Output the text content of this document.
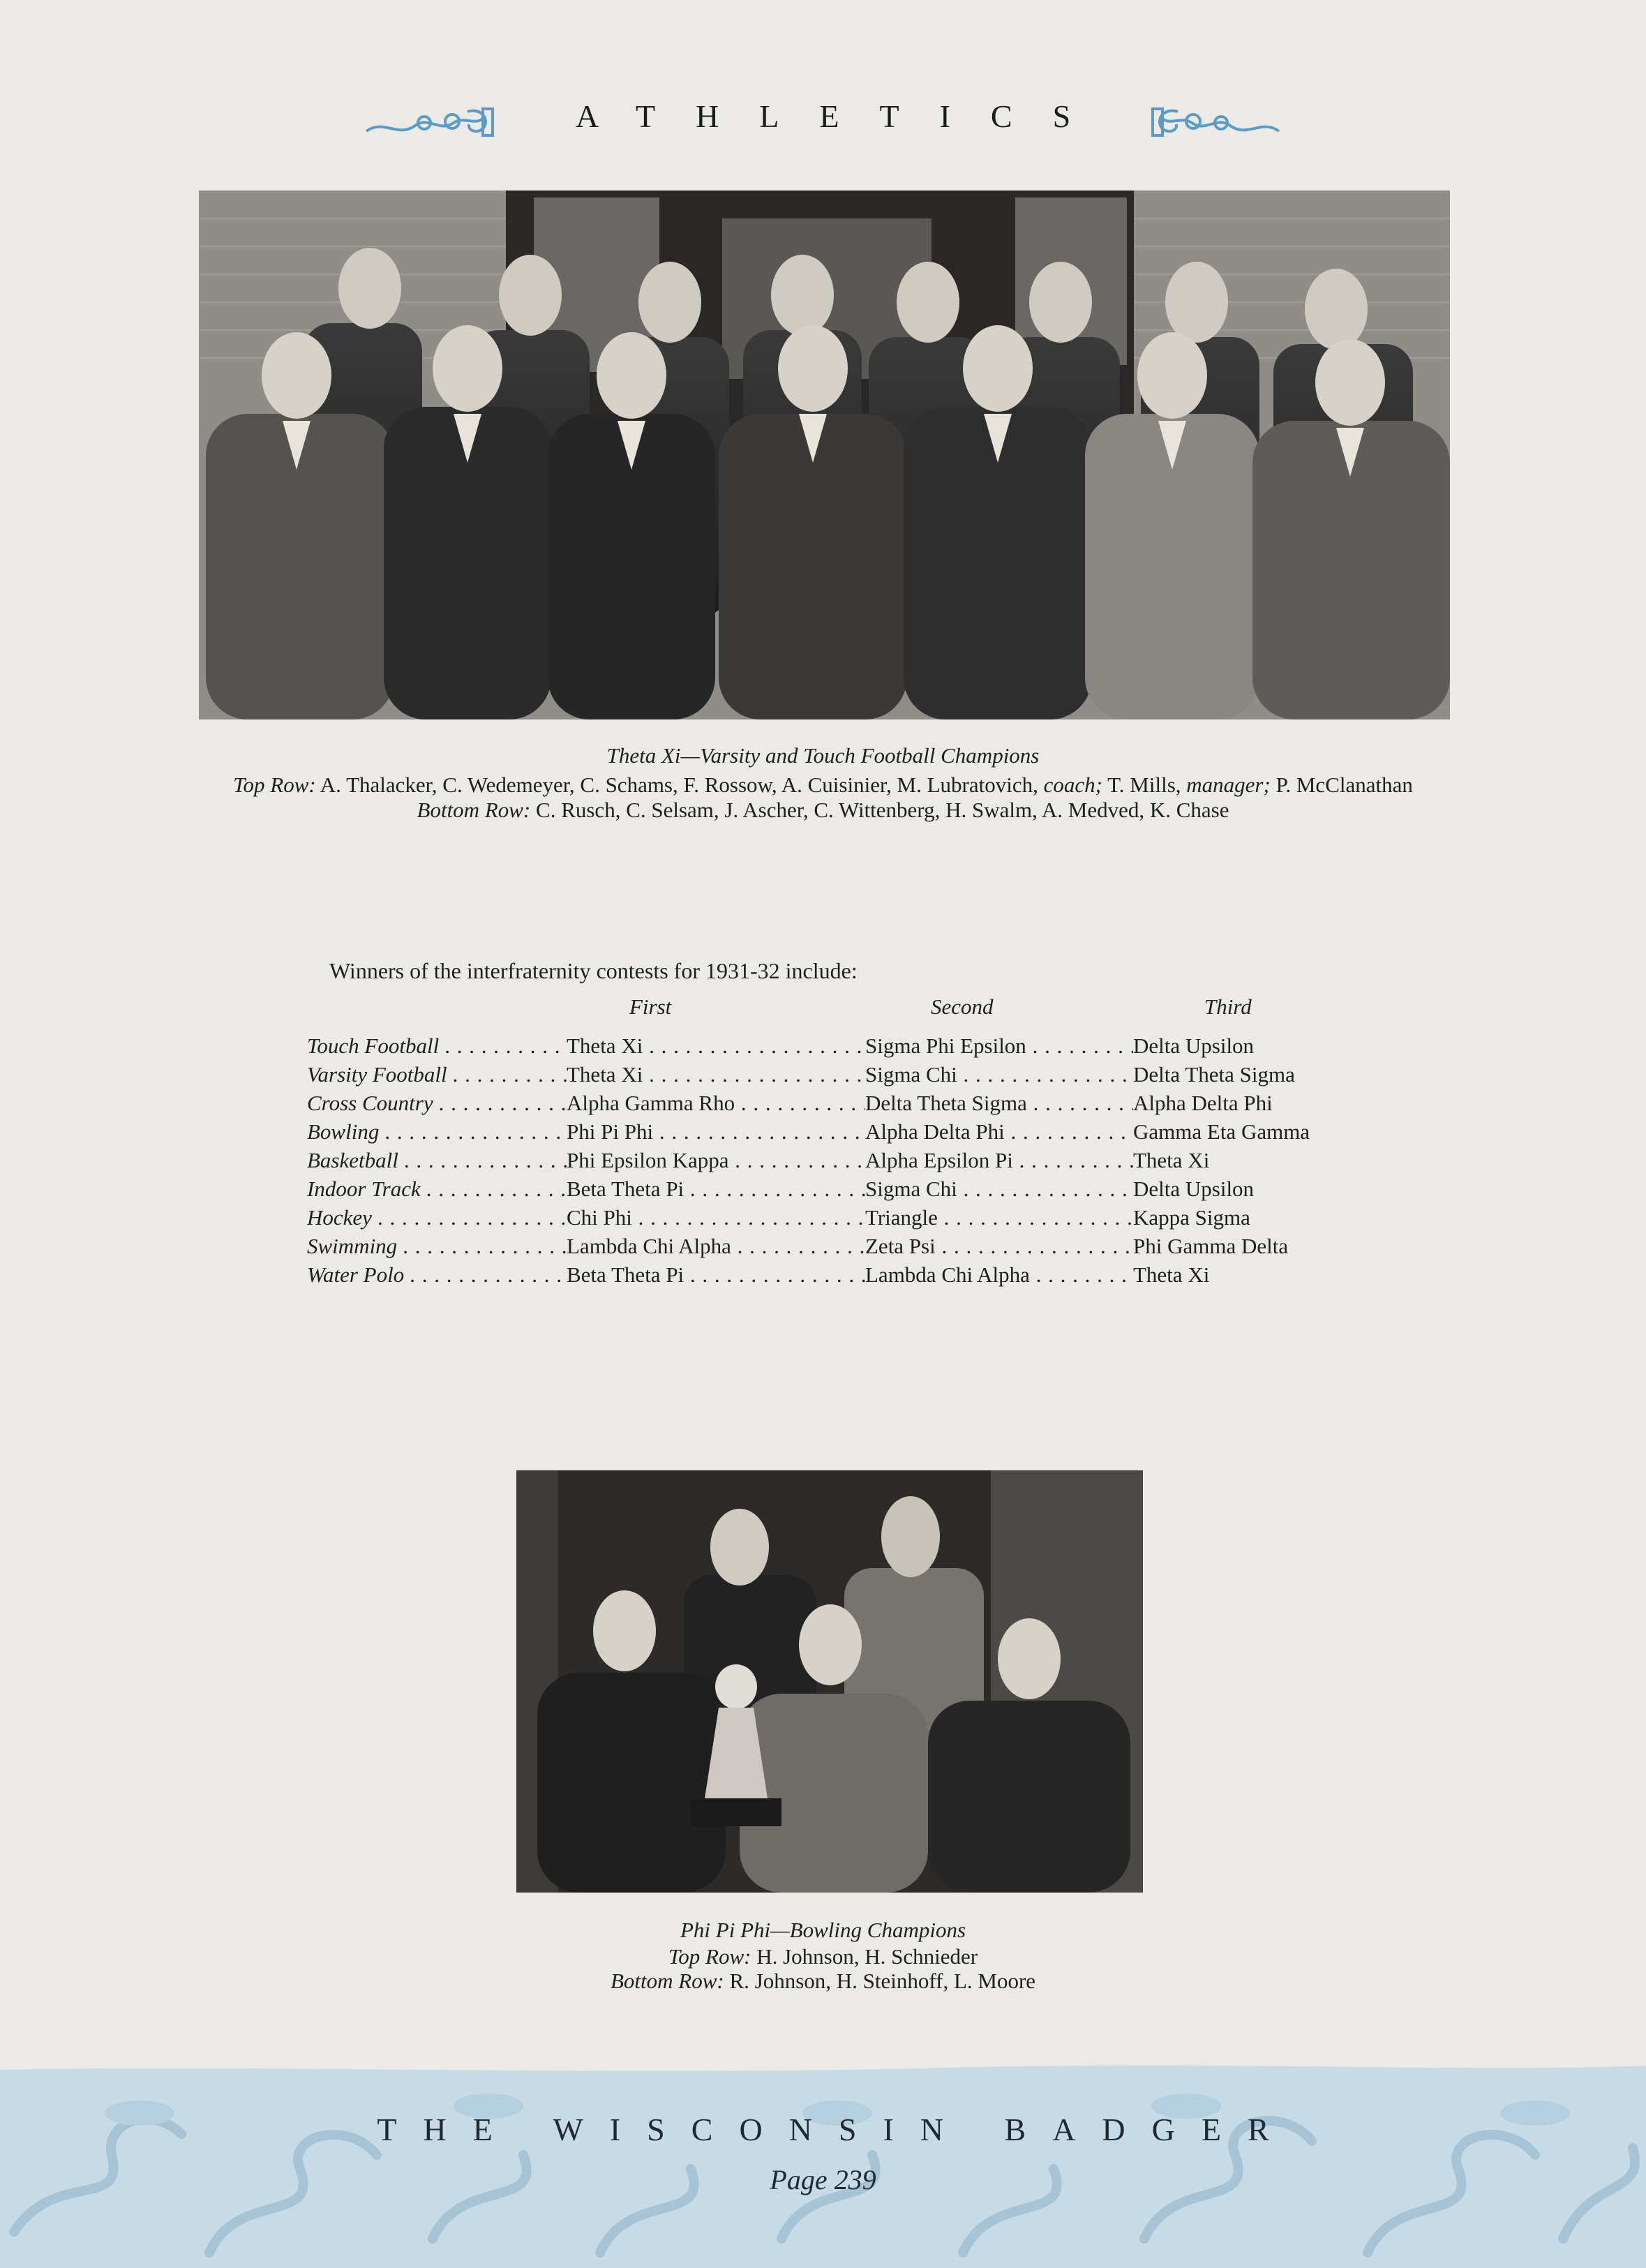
ATHLETICS
Theta Xi—Varsity and Touch Football Champions
Top Row: A. Thalacker, C. Wedemeyer, C. Schams, F. Rossow, A. Cuisinier, M. Lubratovich, coach; T. Mills, manager; P. McClanathan
Bottom Row: C. Rusch, C. Selsam, J. Ascher, C. Wittenberg, H. Swalm, A. Medved, K. Chase
Winners of the interfraternity contests for 1931-32 include:
First	Second	Third
Touch Football . . .	Theta Xi . . .	Sigma Phi Epsilon . . .	Delta Upsilon
Varsity Football . . .	Theta Xi . . .	Sigma Chi . . .	Delta Theta Sigma
Cross Country . . .	Alpha Gamma Rho . . .	Delta Theta Sigma . . .	Alpha Delta Phi
Bowling . . .	Phi Pi Phi . . .	Alpha Delta Phi . . .	Gamma Eta Gamma
Basketball . . .	Phi Epsilon Kappa . . .	Alpha Epsilon Pi . . .	Theta Xi
Indoor Track . . .	Beta Theta Pi . . .	Sigma Chi . . .	Delta Upsilon
Hockey . . .	Chi Phi . . .	Triangle . . .	Kappa Sigma
Swimming . . .	Lambda Chi Alpha . . .	Zeta Psi . . .	Phi Gamma Delta
Water Polo . . .	Beta Theta Pi . . .	Lambda Chi Alpha . . .	Theta Xi
Phi Pi Phi—Bowling Champions
Top Row: H. Johnson, H. Schnieder
Bottom Row: R. Johnson, H. Steinhoff, L. Moore
THE WISCONSIN BADGER
Page 239
